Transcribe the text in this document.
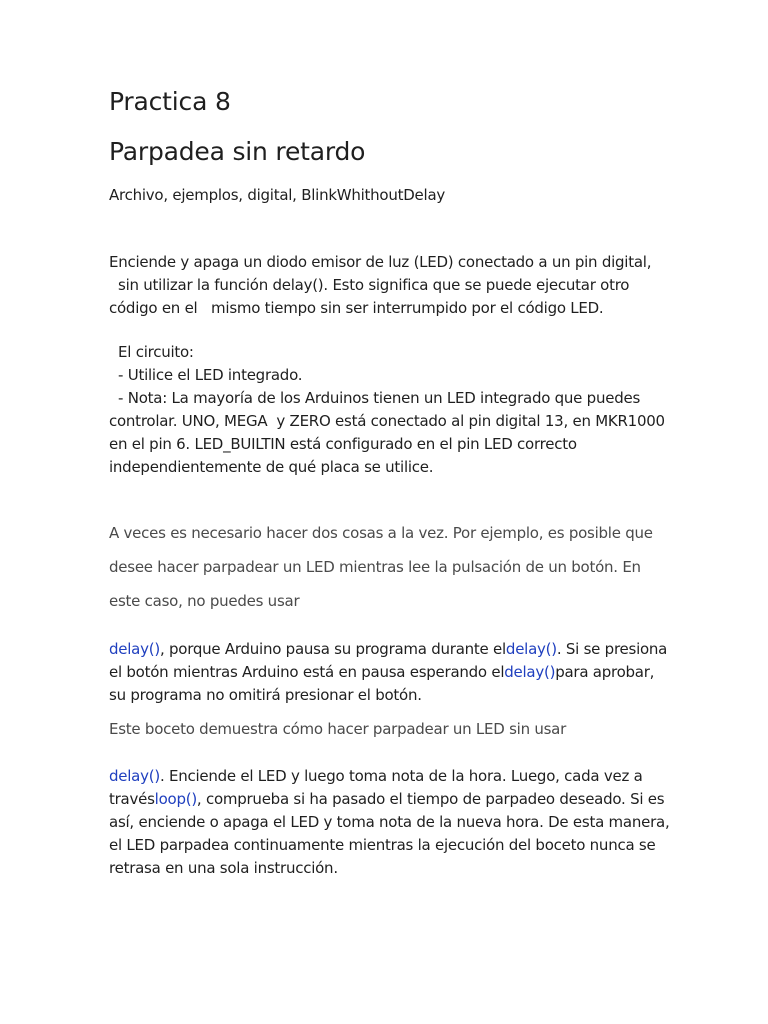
Practica 8
Parpadea sin retardo
Archivo, ejemplos, digital, BlinkWhithoutDelay
Enciende y apaga un diodo emisor de luz (LED) conectado a un pin digital,
sin utilizar la función delay(). Esto significa que se puede ejecutar otro
código en el   mismo tiempo sin ser interrumpido por el código LED.
El circuito:
- Utilice el LED integrado.
- Nota: La mayoría de los Arduinos tienen un LED integrado que puedes
controlar. UNO, MEGA  y ZERO está conectado al pin digital 13, en MKR1000
en el pin 6. LED_BUILTIN está configurado en el pin LED correcto
independientemente de qué placa se utilice.
A veces es necesario hacer dos cosas a la vez. Por ejemplo, es posible que
desee hacer parpadear un LED mientras lee la pulsación de un botón. En
este caso, no puedes usar
delay(), porque Arduino pausa su programa durante eldelay(). Si se presiona
el botón mientras Arduino está en pausa esperando eldelay()para aprobar,
su programa no omitirá presionar el botón.
Este boceto demuestra cómo hacer parpadear un LED sin usar
delay(). Enciende el LED y luego toma nota de la hora. Luego, cada vez a
travésloop(), comprueba si ha pasado el tiempo de parpadeo deseado. Si es
así, enciende o apaga el LED y toma nota de la nueva hora. De esta manera,
el LED parpadea continuamente mientras la ejecución del boceto nunca se
retrasa en una sola instrucción.
